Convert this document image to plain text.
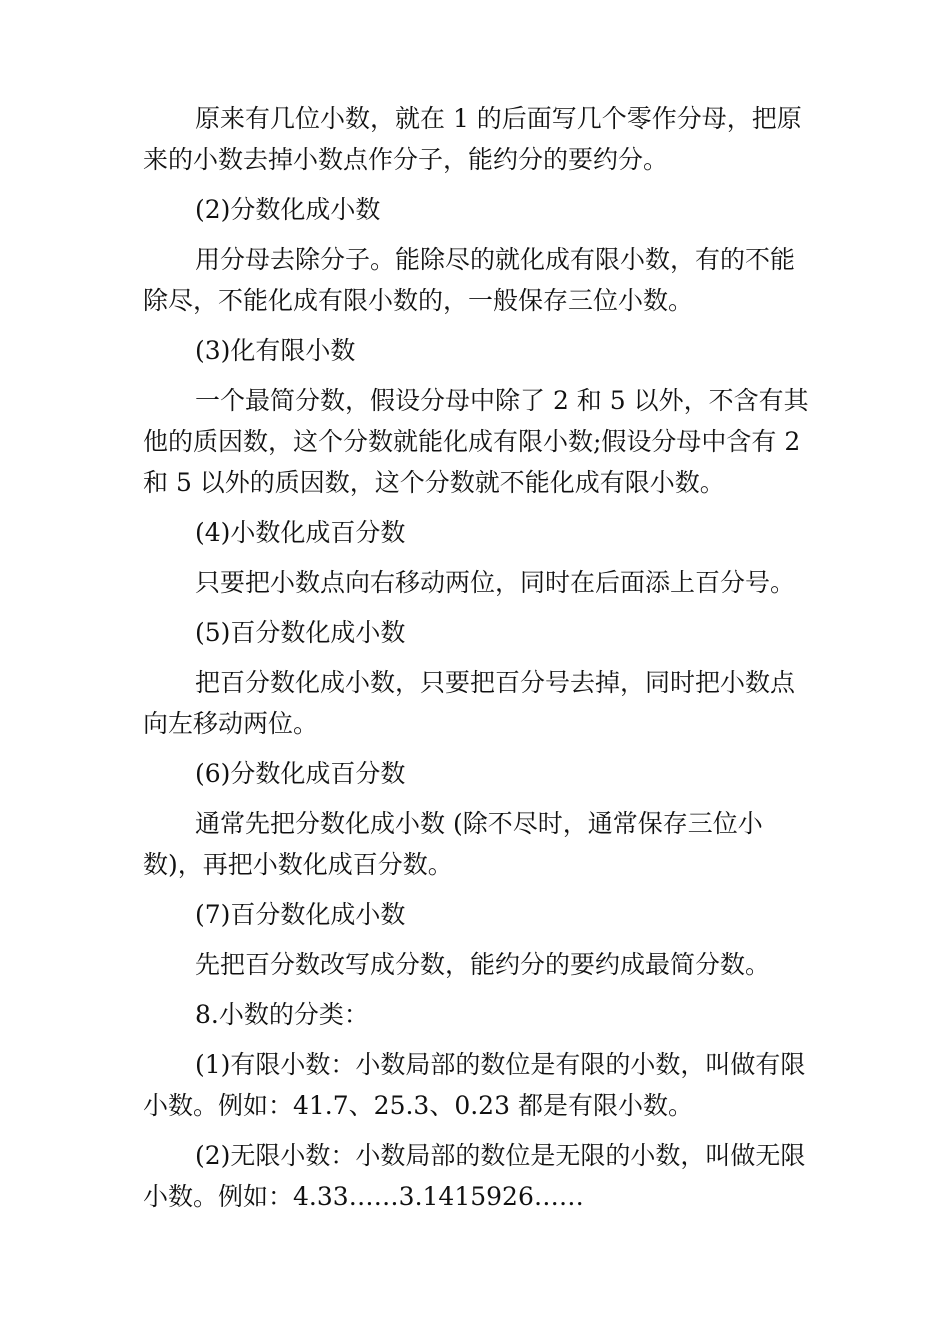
原来有几位小数，就在 1 的后面写几个零作分母，把原来的小数去掉小数点作分子，能约分的要约分。

(2)分数化成小数

用分母去除分子。能除尽的就化成有限小数，有的不能除尽，不能化成有限小数的，一般保存三位小数。

(3)化有限小数

一个最简分数，假设分母中除了 2 和 5 以外，不含有其他的质因数，这个分数就能化成有限小数;假设分母中含有 2 和 5 以外的质因数，这个分数就不能化成有限小数。

(4)小数化成百分数

只要把小数点向右移动两位，同时在后面添上百分号。

(5)百分数化成小数

把百分数化成小数，只要把百分号去掉，同时把小数点向左移动两位。

(6)分数化成百分数

通常先把分数化成小数 (除不尽时，通常保存三位小数)，再把小数化成百分数。

(7)百分数化成小数

先把百分数改写成分数，能约分的要约成最简分数。

8.小数的分类：

(1)有限小数：小数局部的数位是有限的小数，叫做有限小数。例如：41.7、25.3、0.23 都是有限小数。

(2)无限小数：小数局部的数位是无限的小数，叫做无限小数。例如：4.33……3.1415926……
